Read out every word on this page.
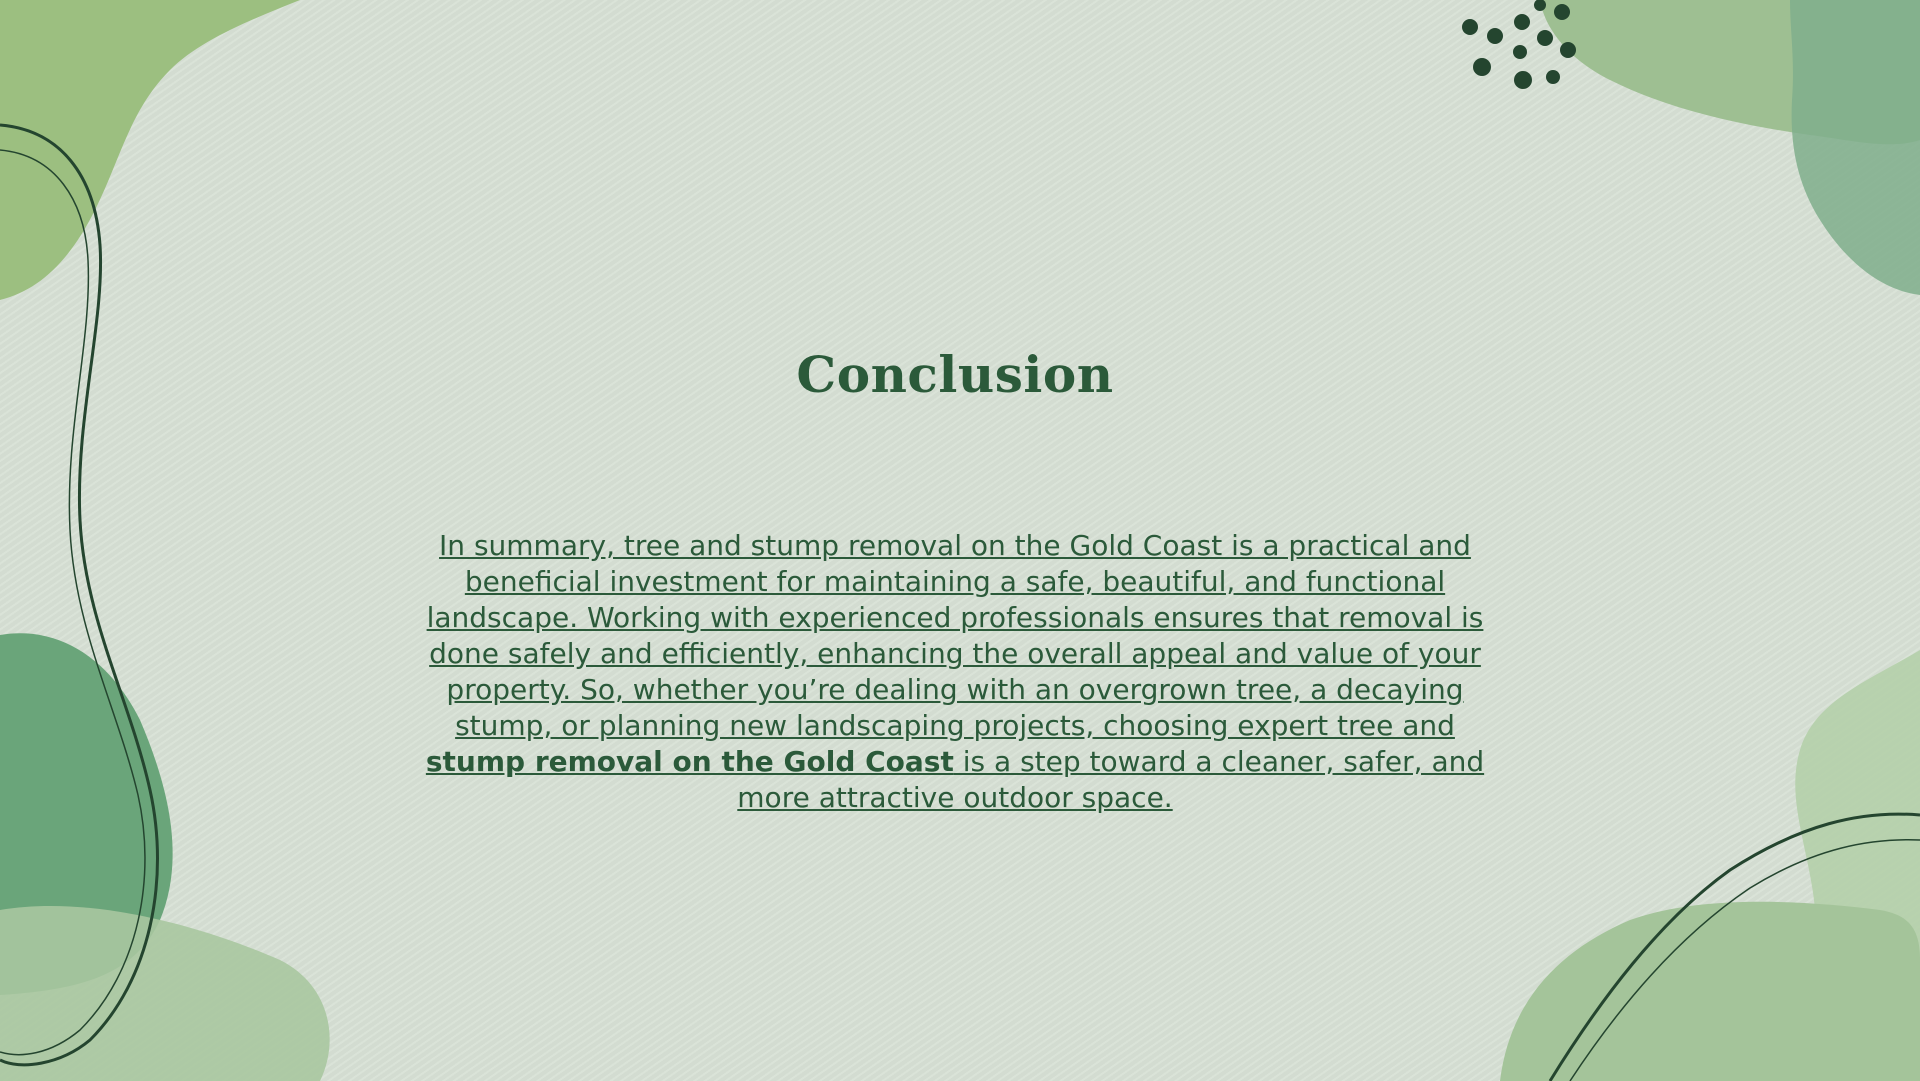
Conclusion

In summary, tree and stump removal on the Gold Coast is a practical and beneficial investment for maintaining a safe, beautiful, and functional landscape. Working with experienced professionals ensures that removal is done safely and efficiently, enhancing the overall appeal and value of your property. So, whether you’re dealing with an overgrown tree, a decaying stump, or planning new landscaping projects, choosing expert tree and stump removal on the Gold Coast is a step toward a cleaner, safer, and more attractive outdoor space.
